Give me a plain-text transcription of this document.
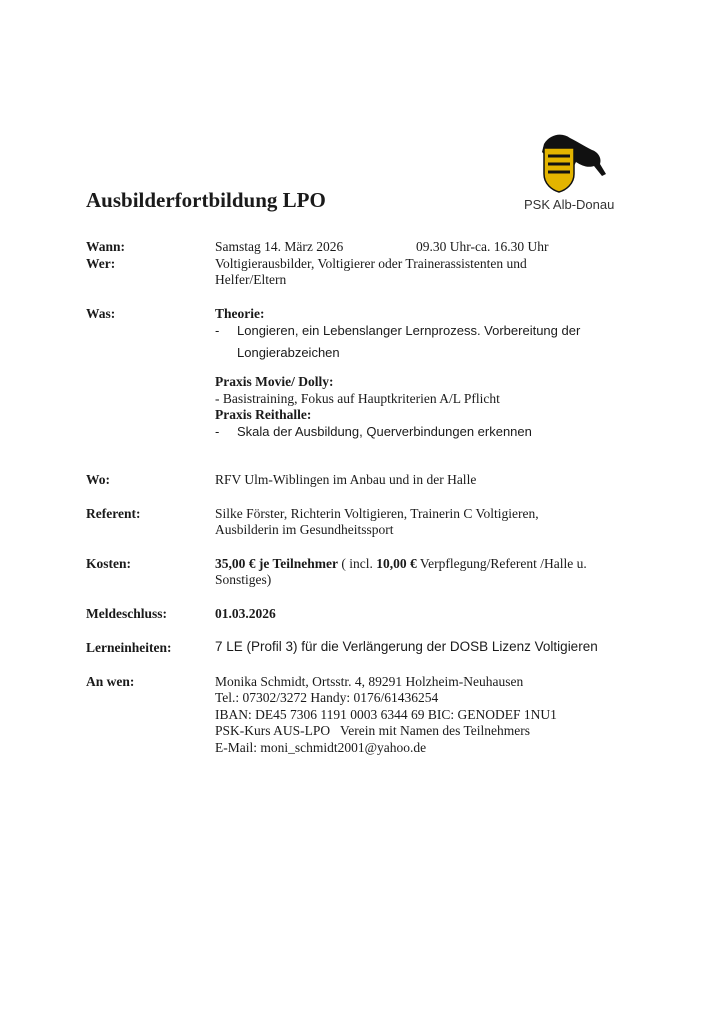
PSK Alb-Donau
Ausbilderfortbildung LPO
Wann:	Samstag 14. März 2026	09.30 Uhr-ca. 16.30 Uhr
Wer:	Voltigierausbilder, Voltigierer oder Trainerassistenten und
Helfer/Eltern
Was:	Theorie:
- Longieren, ein Lebenslanger Lernprozess. Vorbereitung der
Longierabzeichen
Praxis Movie/ Dolly:
- Basistraining, Fokus auf Hauptkriterien A/L Pflicht
Praxis Reithalle:
- Skala der Ausbildung, Querverbindungen erkennen
Wo:	RFV Ulm-Wiblingen im Anbau und in der Halle
Referent:	Silke Förster, Richterin Voltigieren, Trainerin C Voltigieren,
Ausbilderin im Gesundheitssport
Kosten:	35,00 € je Teilnehmer ( incl. 10,00 € Verpflegung/Referent /Halle u.
Sonstiges)
Meldeschluss:	01.03.2026
Lerneinheiten:	7 LE (Profil 3) für die Verlängerung der DOSB Lizenz Voltigieren
An wen:	Monika Schmidt, Ortsstr. 4, 89291 Holzheim-Neuhausen
Tel.: 07302/3272 Handy: 0176/61436254
IBAN: DE45 7306 1191 0003 6344 69 BIC: GENODEF 1NU1
PSK-Kurs AUS-LPO   Verein mit Namen des Teilnehmers
E-Mail: moni_schmidt2001@yahoo.de
